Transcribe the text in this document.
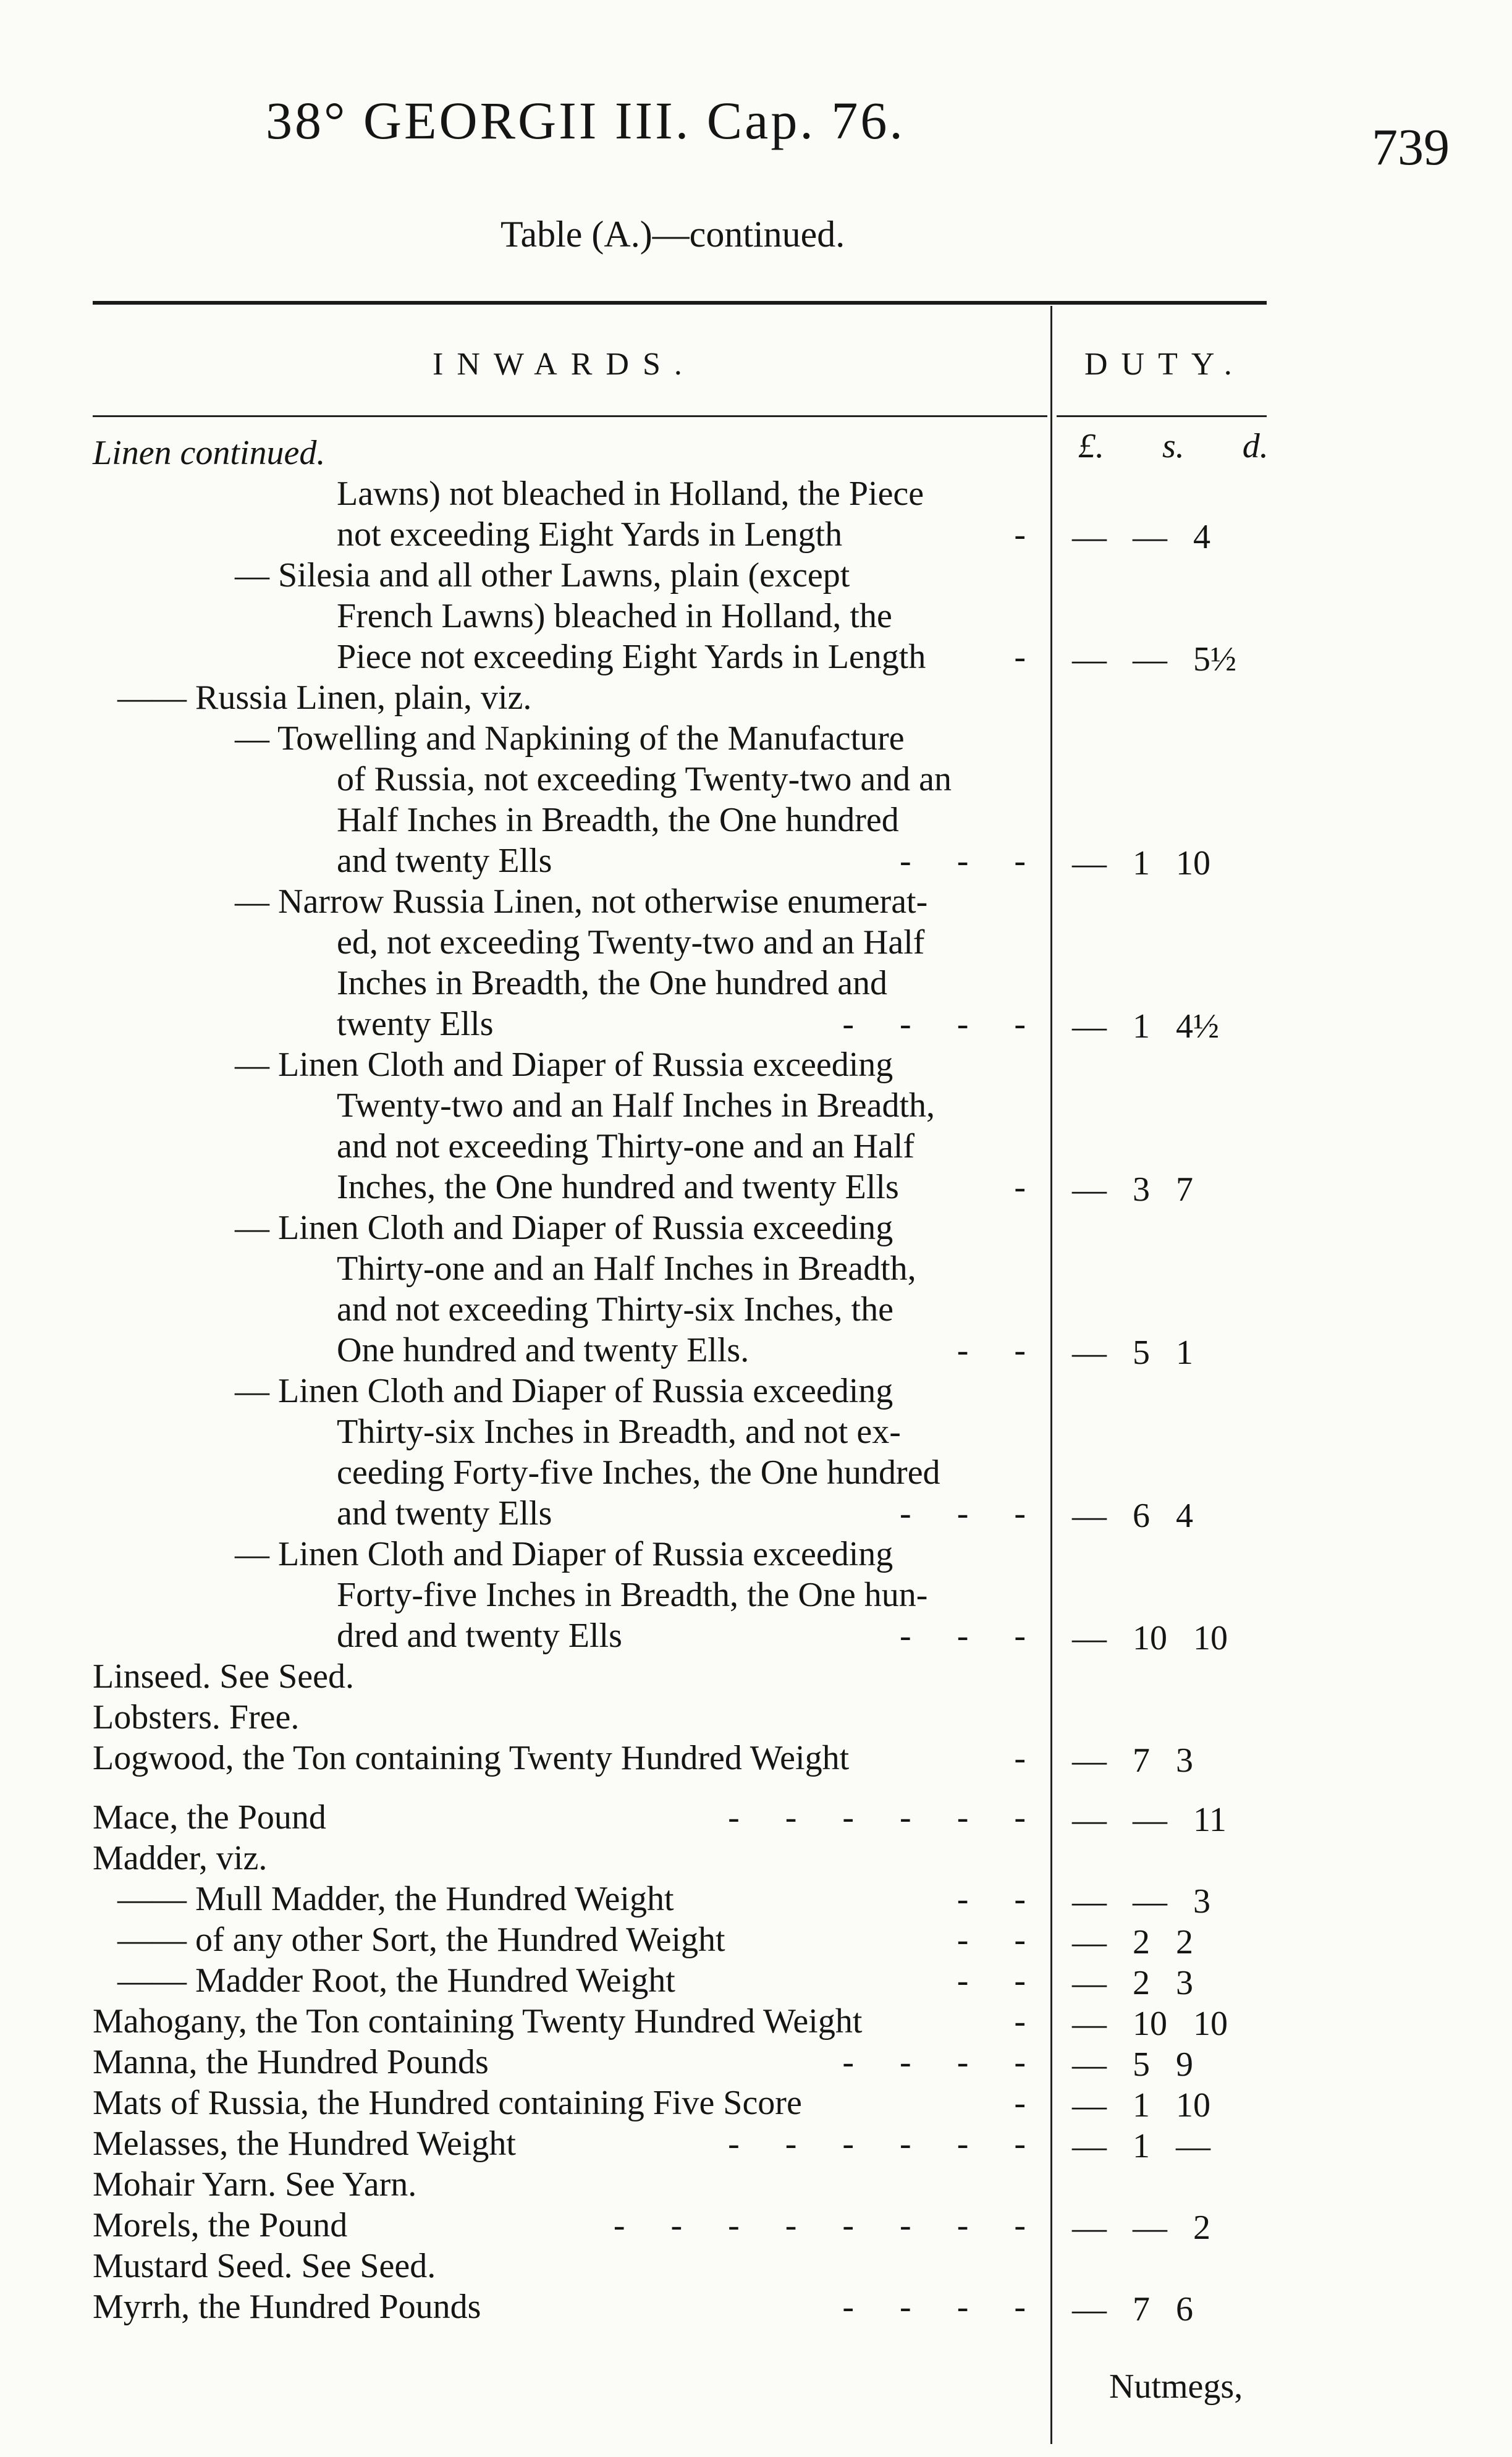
38° GEORGII III. Cap. 76.	739
Table (A.)—continued.
INWARDS.	DUTY.
£. s. d.
Linen continued.
Lawns) not bleached in Holland, the Piece
not exceeding Eight Yards in Length	- — — 4
— Silesia and all other Lawns, plain (except
French Lawns) bleached in Holland, the
Piece not exceeding Eight Yards in Length	- — — 5½
—— Russia Linen, plain, viz.
— Towelling and Napkining of the Manufacture
of Russia, not exceeding Twenty-two and an
Half Inches in Breadth, the One hundred
and twenty Ells	- - - — 1 10
— Narrow Russia Linen, not otherwise enumerat-
ed, not exceeding Twenty-two and an Half
Inches in Breadth, the One hundred and
twenty Ells	- - - - — 1 4½
— Linen Cloth and Diaper of Russia exceeding
Twenty-two and an Half Inches in Breadth,
and not exceeding Thirty-one and an Half
Inches, the One hundred and twenty Ells	- — 3 7
— Linen Cloth and Diaper of Russia exceeding
Thirty-one and an Half Inches in Breadth,
and not exceeding Thirty-six Inches, the
One hundred and twenty Ells.	- - — 5 1
— Linen Cloth and Diaper of Russia exceeding
Thirty-six Inches in Breadth, and not ex-
ceeding Forty-five Inches, the One hundred
and twenty Ells	- - - — 6 4
— Linen Cloth and Diaper of Russia exceeding
Forty-five Inches in Breadth, the One hun-
dred and twenty Ells	- - - — 10 10
Linseed. See Seed.
Lobsters. Free.
Logwood, the Ton containing Twenty Hundred Weight	- — 7 3
Mace, the Pound	- - - - - - — — 11
Madder, viz.
—— Mull Madder, the Hundred Weight	- - — — 3
—— of any other Sort, the Hundred Weight	- - — 2 2
—— Madder Root, the Hundred Weight	- - — 2 3
Mahogany, the Ton containing Twenty Hundred Weight	- — 10 10
Manna, the Hundred Pounds	- - - - — 5 9
Mats of Russia, the Hundred containing Five Score	- — 1 10
Melasses, the Hundred Weight	- - - - - - — 1 —
Mohair Yarn. See Yarn.
Morels, the Pound	- - - - - - - - — — 2
Mustard Seed. See Seed.
Myrrh, the Hundred Pounds	- - - - — 7 6
Nutmegs,
